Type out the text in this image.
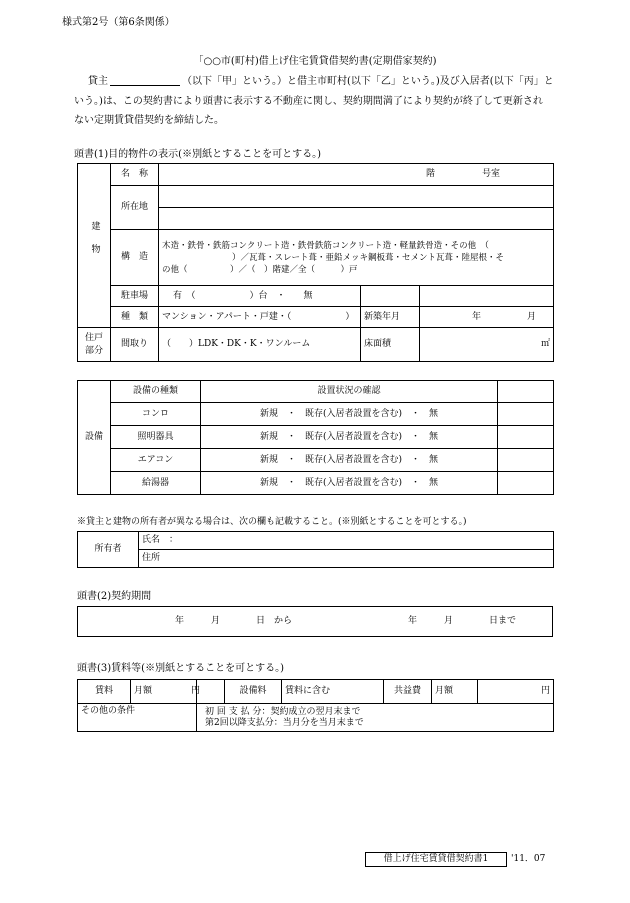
様式第2号（第6条関係）
「○○市(町村)借上げ住宅賃貸借契約書(定期借家契約)
貸主	（以下「甲」という。）と借主市町村(以下「乙」という。)及び入居者(以下「丙」と
いう。)は、この契約書により頭書に表示する不動産に関し、契約期間満了により契約が終了して更新され
ない定期賃貸借契約を締結した。
頭書(1)目的物件の表示(※別紙とすることを可とする。)
建物	名　称	階 号室		

	所在地			

	構　造	木造・鉄骨・鉄筋コンクリート造・鉄骨鉄筋コンクリート造・軽量鉄骨造・その他　（
）／瓦葺・スレート葺・亜鉛メッキ鋼板葺・セメント瓦葺・陸屋根・そ
の他（　　　　　）／（　）階建／全（　　　）戸		

	駐車場	有　（　　　　　　）台　・　　無		
	種　類	マンション・アパート・戸建・（　　　　　　）	新築年月	年 月

住戸
部分	間取り	（　　）LDK・DK・K・ワンルーム	床面積	㎡
設備	設備の種類	設置状況の確認	
	コンロ	新規　・　既存(入居者設置を含む)　・　無	
	照明器具	新規　・　既存(入居者設置を含む)　・　無	
	エアコン	新規　・　既存(入居者設置を含む)　・　無	
	給湯器	新規　・　既存(入居者設置を含む)　・　無	
※貸主と建物の所有者が異なる場合は、次の欄も記載すること。(※別紙とすることを可とする。)
所有者	氏名　：
住所
頭書(2)契約期間
年　　　月　　　　日　から	年　　　月　　　　日まで
頭書(3)賃料等(※別紙とすることを可とする。)
賃料	月額 円		設備料	賃料に含む	共益費	月額	円
その他の条件		初 回 支 払 分：契約成立の翌月末まで
第2回以降支払分：当月分を当月末まで					
借上げ住宅賃貸借契約書1	'11．07
